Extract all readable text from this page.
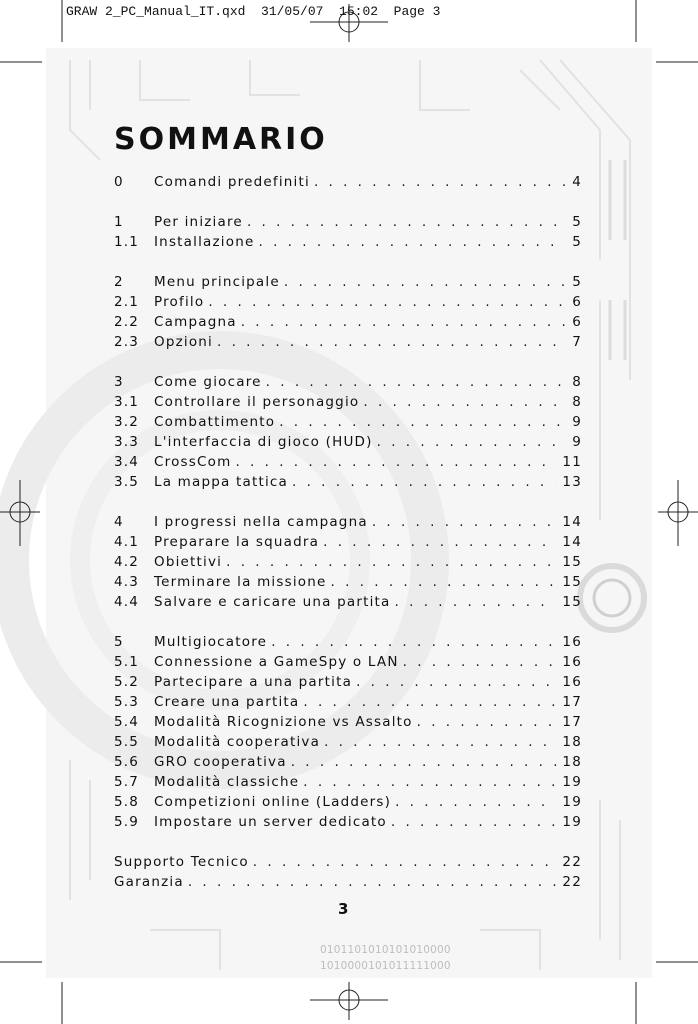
GRAW 2_PC_Manual_IT.qxd  31/05/07  15:02  Page 3
SOMMARIO
0	Comandi predefiniti . . .	4
1	Per iniziare . . .	5
1.1	Installazione . . .	5
2	Menu principale . . .	5
2.1	Profilo . . .	6
2.2	Campagna . . .	6
2.3	Opzioni . . .	7
3	Come giocare . . .	8
3.1	Controllare il personaggio . . .	8
3.2	Combattimento . . .	9
3.3	L'interfaccia di gioco (HUD) . . .	9
3.4	CrossCom . . .	11
3.5	La mappa tattica . . .	13
4	I progressi nella campagna . . .	14
4.1	Preparare la squadra . . .	14
4.2	Obiettivi . . .	15
4.3	Terminare la missione . . .	15
4.4	Salvare e caricare una partita . . .	15
5	Multigiocatore . . .	16
5.1	Connessione a GameSpy o LAN . . .	16
5.2	Partecipare a una partita . . .	16
5.3	Creare una partita . . .	17
5.4	Modalità Ricognizione vs Assalto . . .	17
5.5	Modalità cooperativa . . .	18
5.6	GRO cooperativa . . .	18
5.7	Modalità classiche . . .	19
5.8	Competizioni online (Ladders) . . .	19
5.9	Impostare un server dedicato . . .	19
Supporto Tecnico . . .	22
Garanzia . . .	22
3
0101101010101010000
1010000101011111000
